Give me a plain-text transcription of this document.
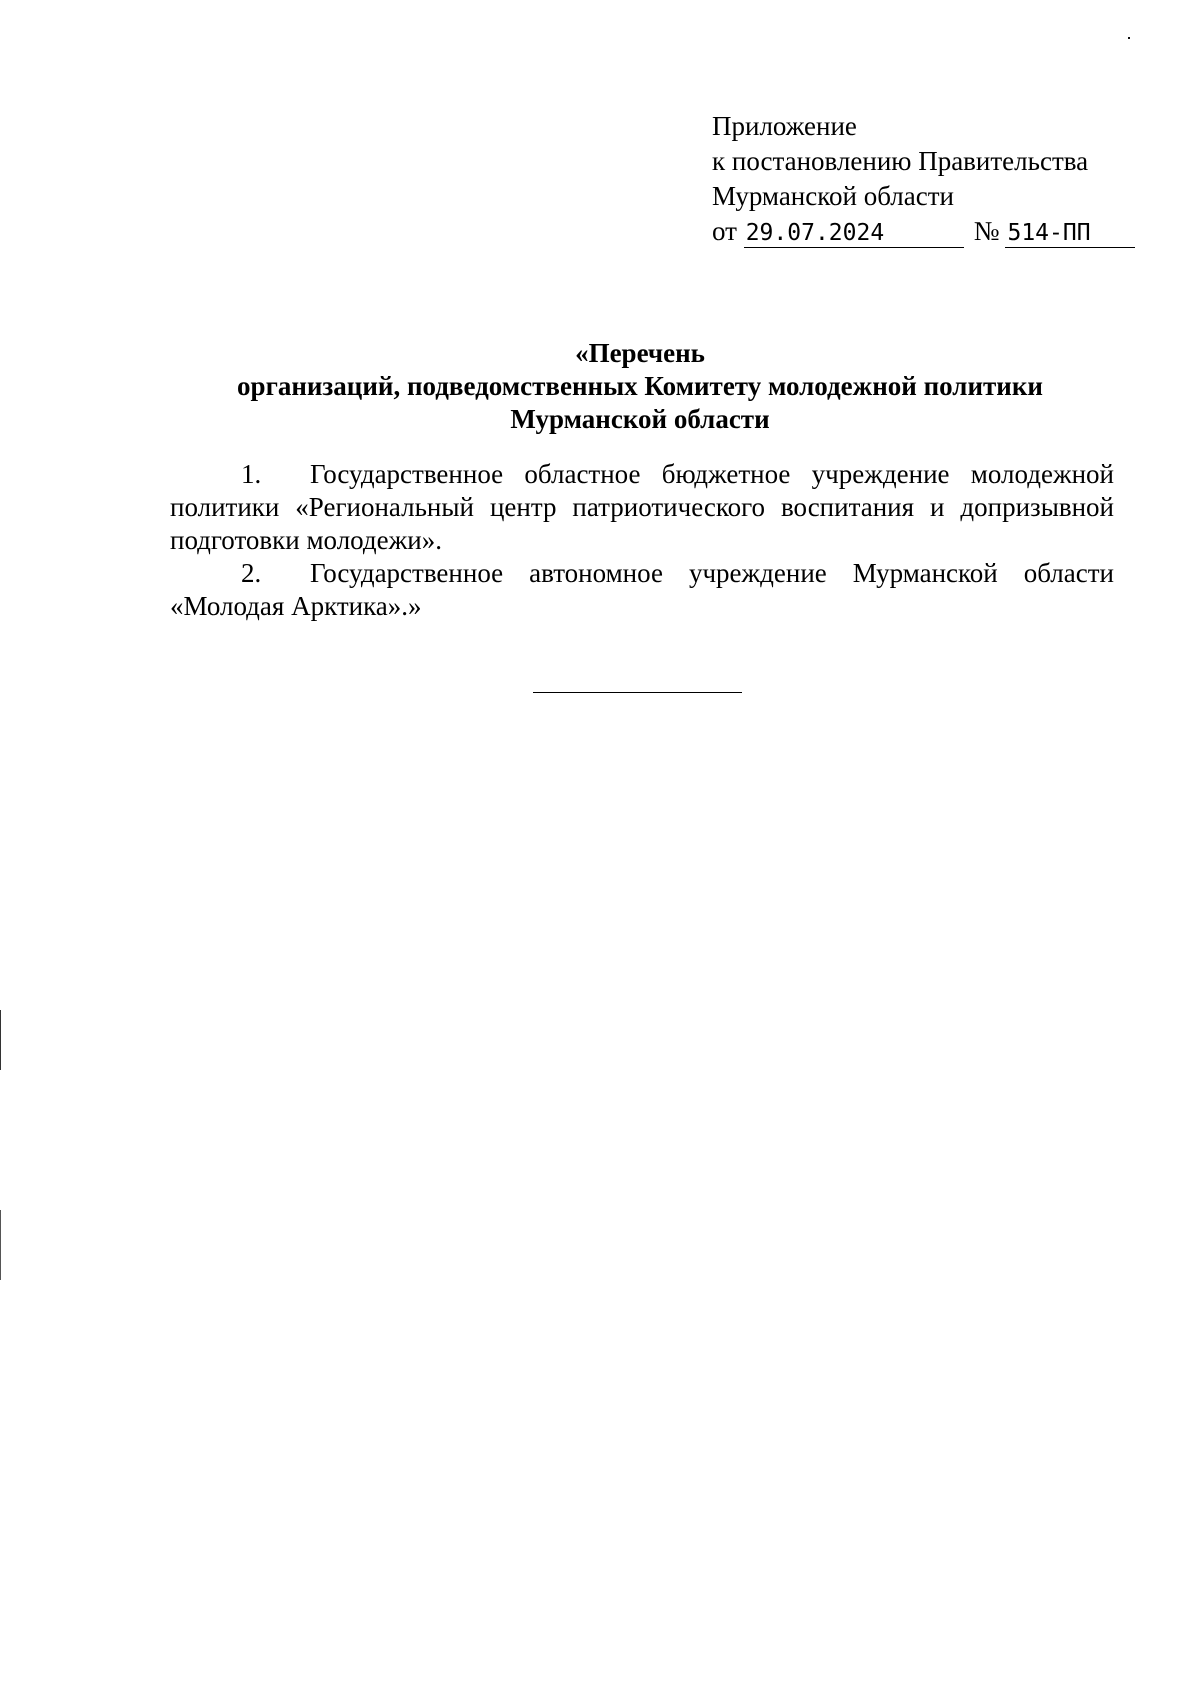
Приложение
к постановлению Правительства
Мурманской области
от 29.07.2024	№ 514-ПП
«Перечень
организаций, подведомственных Комитету молодежной политики
Мурманской области

1. Государственное областное бюджетное учреждение молодежной политики «Региональный центр патриотического воспитания и допризывной подготовки молодежи».

2. Государственное автономное учреждение Мурманской области «Молодая Арктика».»
